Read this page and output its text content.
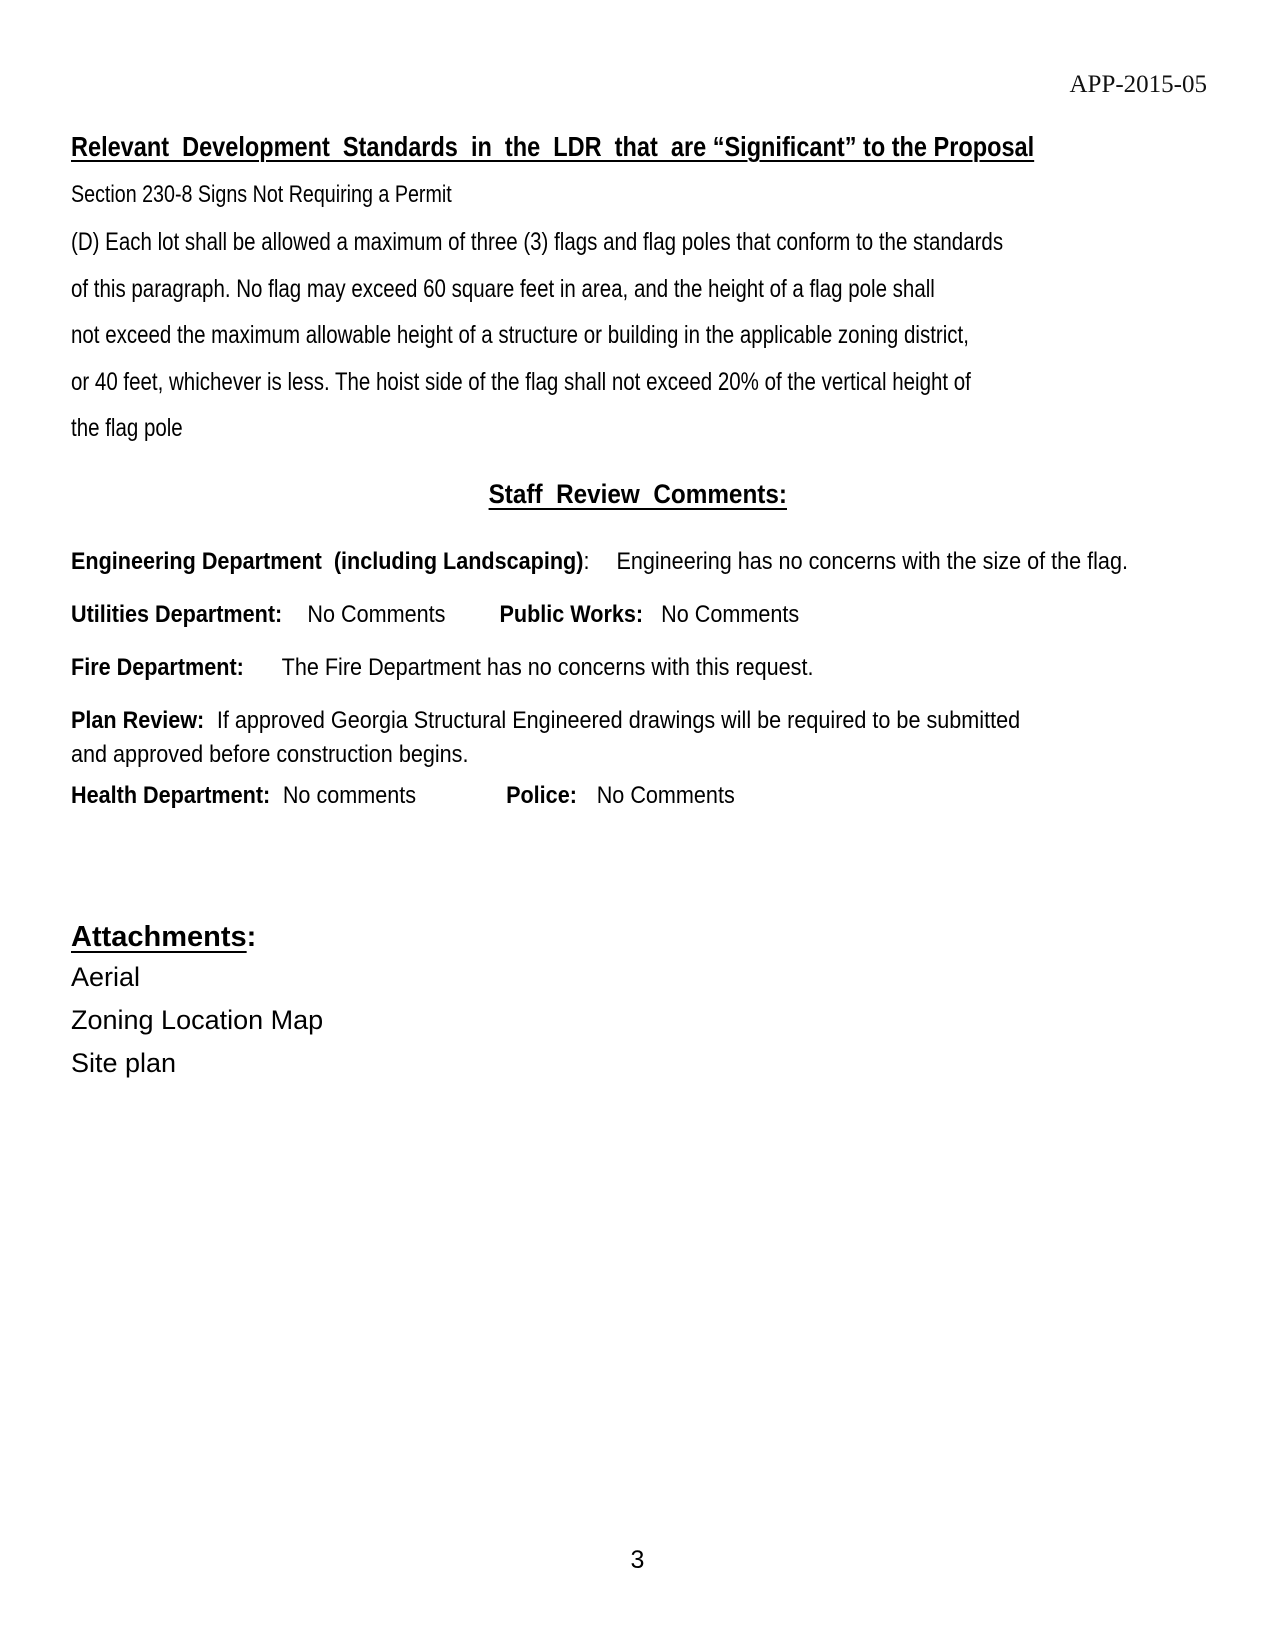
APP-2015-05
Relevant  Development  Standards  in  the  LDR  that  are “Significant” to the Proposal
Section 230-8 Signs Not Requiring a Permit
(D) Each lot shall be allowed a maximum of three (3) flags and flag poles that conform to the standards
of this paragraph. No flag may exceed 60 square feet in area, and the height of a flag pole shall
not exceed the maximum allowable height of a structure or building in the applicable zoning district,
or 40 feet, whichever is less. The hoist side of the flag shall not exceed 20% of the vertical height of
the flag pole
Staff  Review  Comments:
Engineering Department  (including Landscaping): Engineering has no concerns with the size of the flag.
Utilities Department: No Comments Public Works: No Comments
Fire Department: The Fire Department has no concerns with this request.
Plan Review: If approved Georgia Structural Engineered drawings will be required to be submitted
and approved before construction begins.
Health Department: No comments	Police: No Comments
Attachments:
Aerial
Zoning Location Map
Site plan
3
